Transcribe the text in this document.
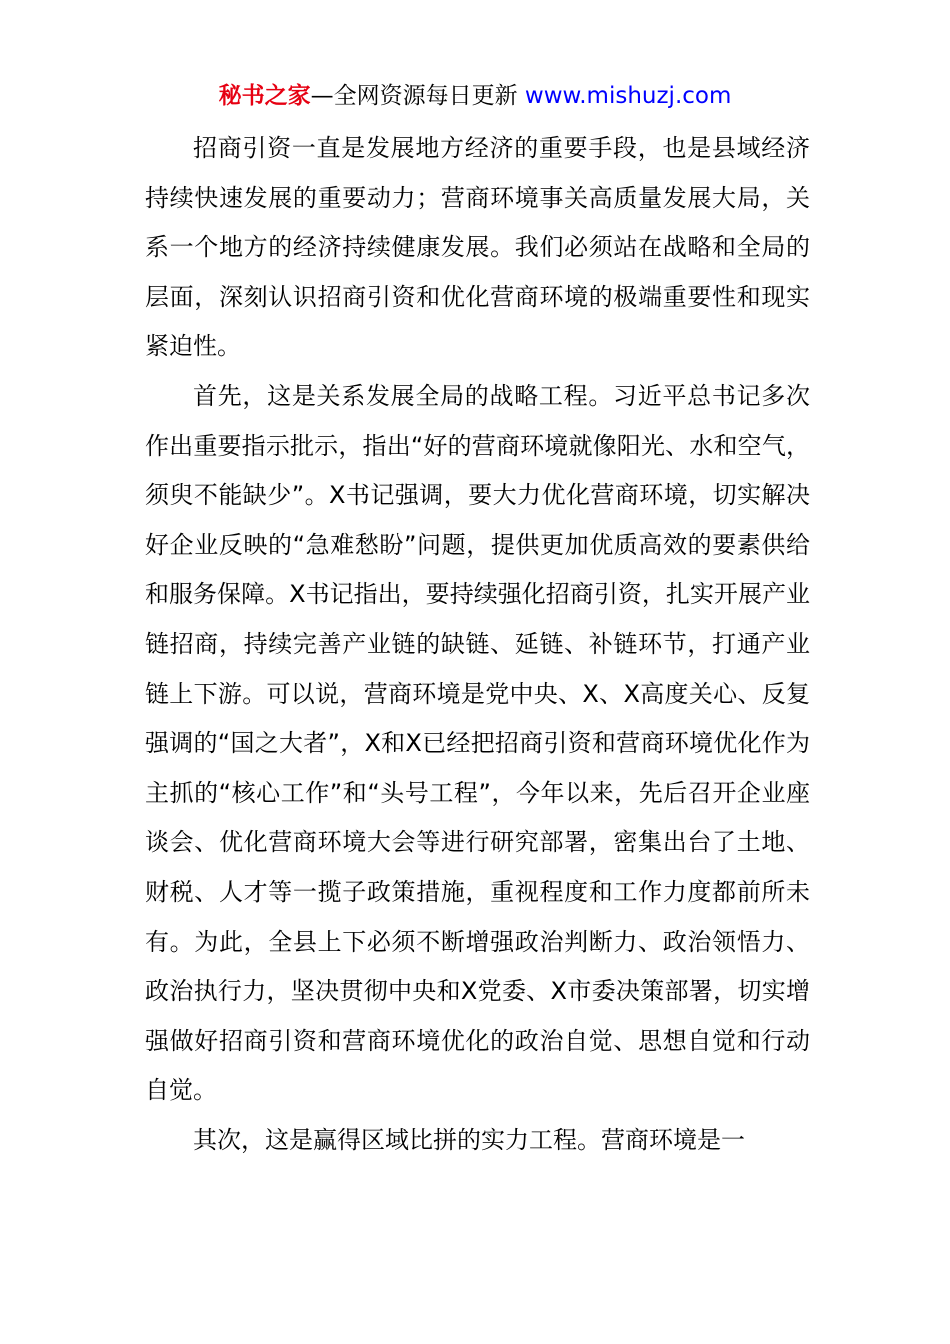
秘书之家—全网资源每日更新 www.mishuzj.com

招商引资一直是发展地方经济的重要手段，也是县域经济持续快速发展的重要动力；营商环境事关高质量发展大局，关系一个地方的经济持续健康发展。我们必须站在战略和全局的层面，深刻认识招商引资和优化营商环境的极端重要性和现实紧迫性。

首先，这是关系发展全局的战略工程。习近平总书记多次作出重要指示批示，指出“好的营商环境就像阳光、水和空气，须臾不能缺少”。X书记强调，要大力优化营商环境，切实解决好企业反映的“急难愁盼”问题，提供更加优质高效的要素供给和服务保障。X书记指出，要持续强化招商引资，扎实开展产业链招商，持续完善产业链的缺链、延链、补链环节，打通产业链上下游。可以说，营商环境是党中央、X、X高度关心、反复强调的“国之大者”，X和X已经把招商引资和营商环境优化作为主抓的“核心工作”和“头号工程”，今年以来，先后召开企业座谈会、优化营商环境大会等进行研究部署，密集出台了土地、财税、人才等一揽子政策措施，重视程度和工作力度都前所未有。为此，全县上下必须不断增强政治判断力、政治领悟力、政治执行力，坚决贯彻中央和X党委、X市委决策部署，切实增强做好招商引资和营商环境优化的政治自觉、思想自觉和行动自觉。

其次，这是赢得区域比拼的实力工程。营商环境是一
